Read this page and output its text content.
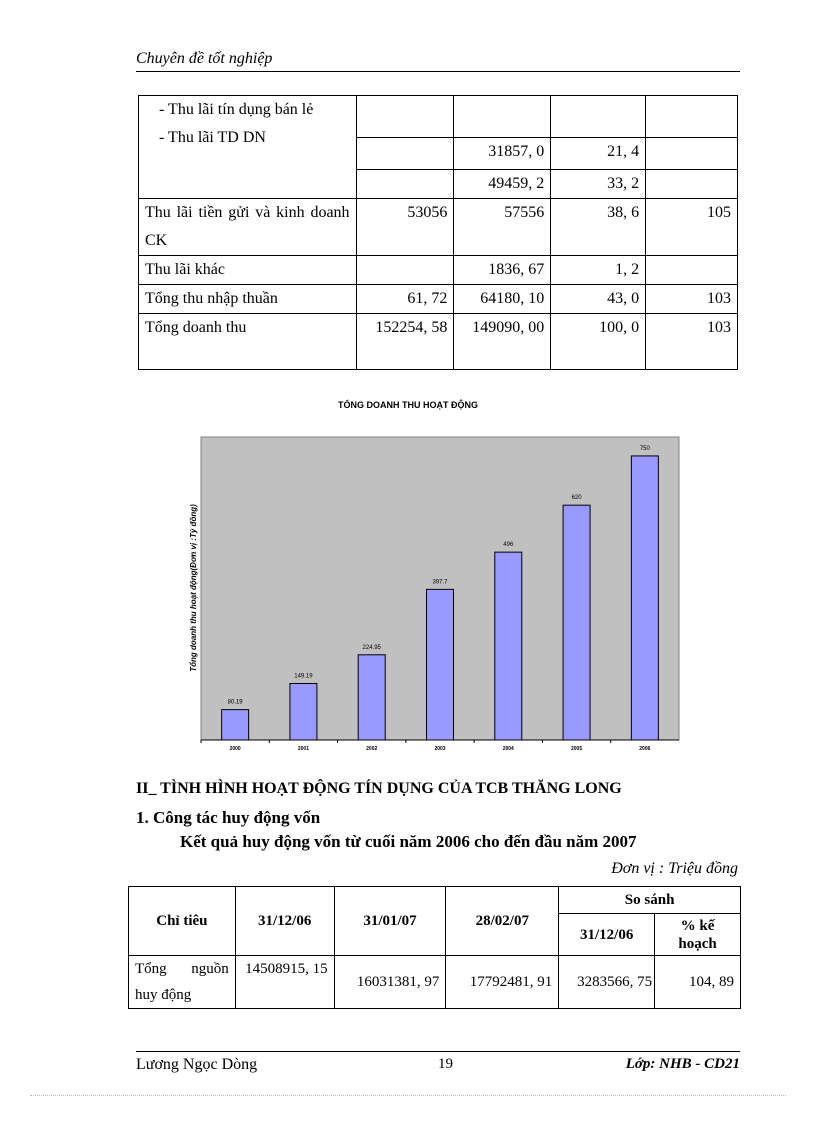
Chuyên đề tốt nghiệp
- Thu lãi tín dụng bán lẻ
- Thu lãi TD DN				

		31857, 0	21, 4	
		49459, 2	33, 2	
Thu lãi tiền gửi và kinh doanh CK	53056	57556	38, 6	105
Thu lãi khác		1836, 67	1, 2	
Tổng thu nhập thuần	61, 72	64180, 10	43, 0	103
Tổng doanh thu	152254, 58	149090, 00	100, 0	103
TỔNG DOANH THU HOẠT ĐỘNG
Tổng doanh thu hoạt động(Đơn vị :Tỷ đồng)
80.19
2000
149.19
2001
224.95
2002
397.7
2003
496
2004
620
2005
750
2006
II_ TÌNH HÌNH HOẠT ĐỘNG TÍN DỤNG CỦA TCB THĂNG LONG
1. Công tác huy động vốn
Kết quả huy động vốn từ cuối năm 2006 cho đến đầu năm 2007
Đơn vị : Triệu đồng
Chỉ tiêu	31/12/06	31/01/07	28/02/07	So sánh	
				31/12/06	% kế hoạch
Tổng nguồn huy động	14508915, 15	16031381, 97	17792481, 91	3283566, 75	104, 89
Lương Ngọc Dòng	19	Lớp: NHB - CD21
